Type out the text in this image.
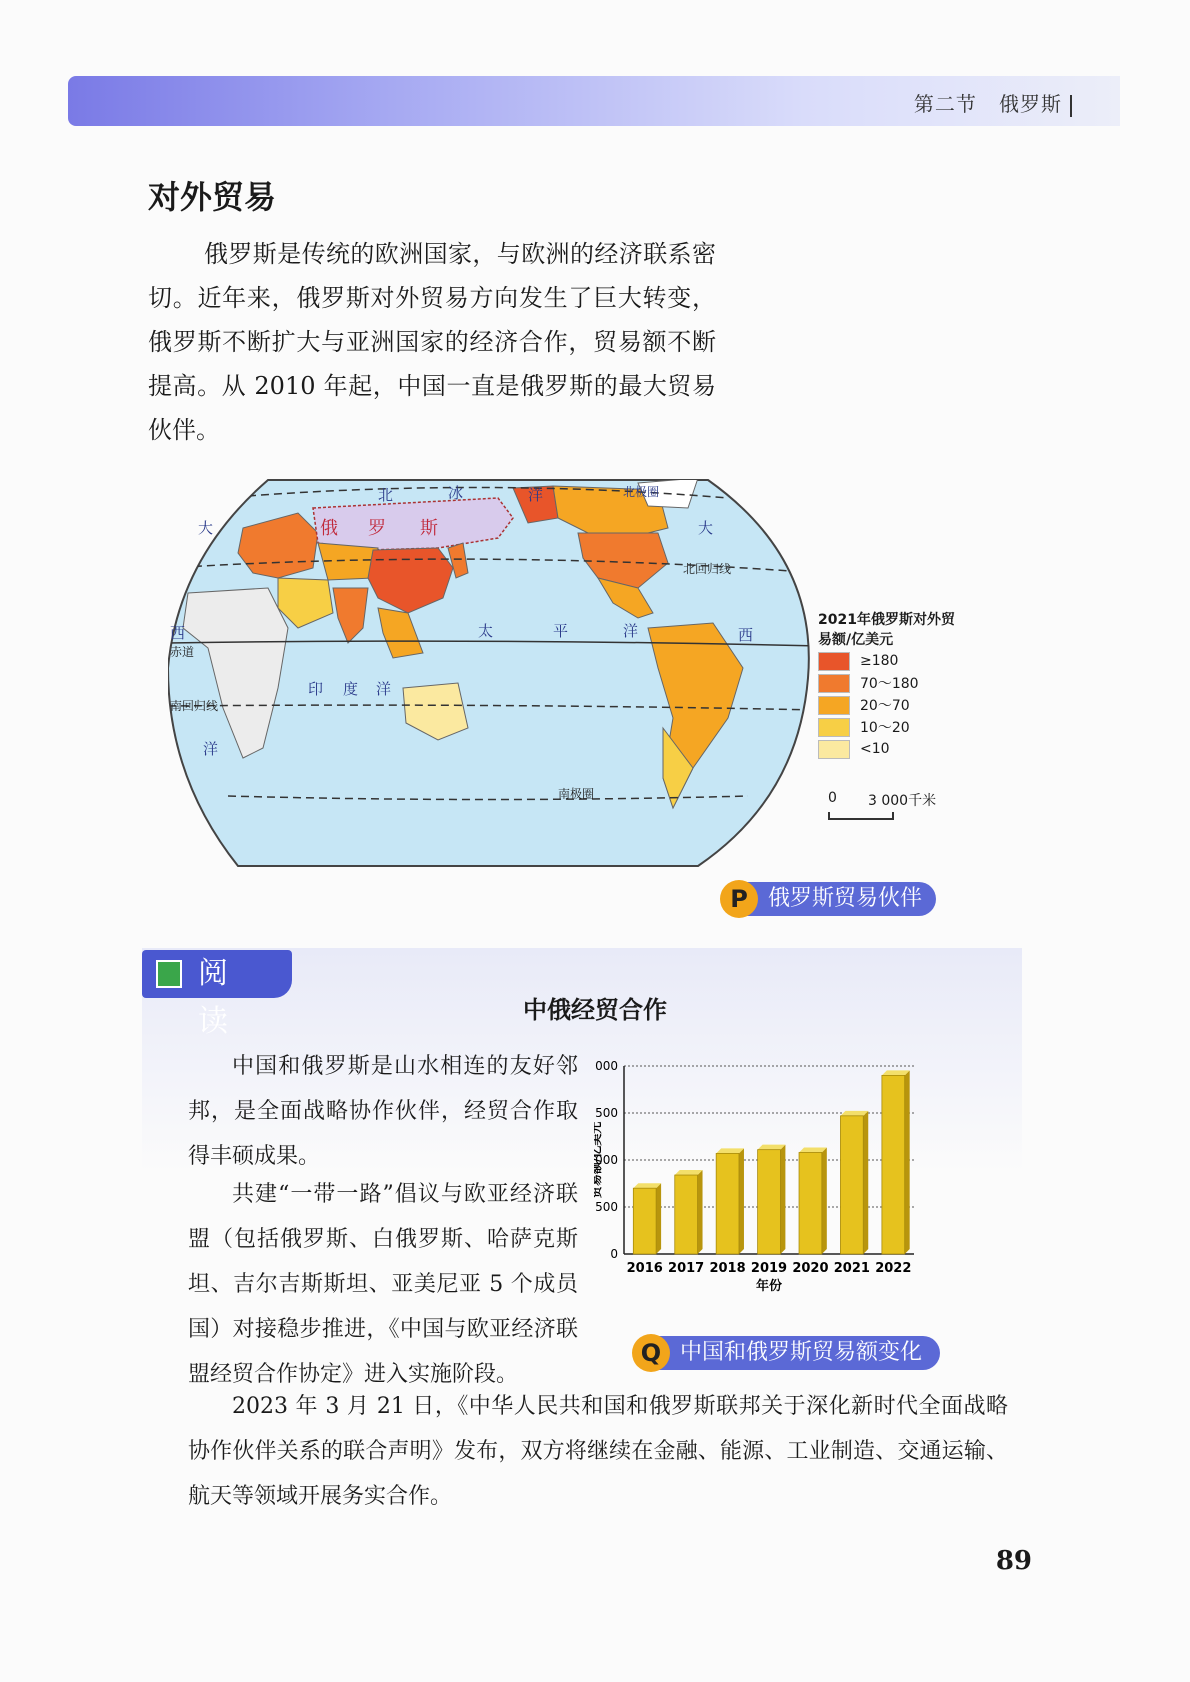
第二节 俄罗斯
对外贸易
俄罗斯是传统的欧洲国家，与欧洲的经济联系密切。近年来，俄罗斯对外贸易方向发生了巨大转变，俄罗斯不断扩大与亚洲国家的经济合作，贸易额不断提高。从 2010 年起，中国一直是俄罗斯的最大贸易伙伴。
北	冰	洋	北极圈
大	大
北回归线
西	西
赤道
太	平	洋
印 度 洋
南回归线
洋
南极圈
俄 罗 斯
2021年俄罗斯对外贸易额/亿美元
≥180
70～180
20～70
10～20
<10
0 3 000千米
P 俄罗斯贸易伙伴
阅 读	中俄经贸合作
中国和俄罗斯是山水相连的友好邻邦，是全面战略协作伙伴，经贸合作取得丰硕成果。
共建“一带一路”倡议与欧亚经济联盟（包括俄罗斯、白俄罗斯、哈萨克斯坦、吉尔吉斯斯坦、亚美尼亚 5 个成员国）对接稳步推进，《中国与欧亚经济联盟经贸合作协定》进入实施阶段。
2023 年 3 月 21 日，《中华人民共和国和俄罗斯联邦关于深化新时代全面战略协作伙伴关系的联合声明》发布，双方将继续在金融、能源、工业制造、交通运输、航天等领域开展务实合作。
0
500
000
500
000
2016 2017 2018 2019 2020 2021 2022
年份
贸易额/亿美元
Q 中国和俄罗斯贸易额变化
89
